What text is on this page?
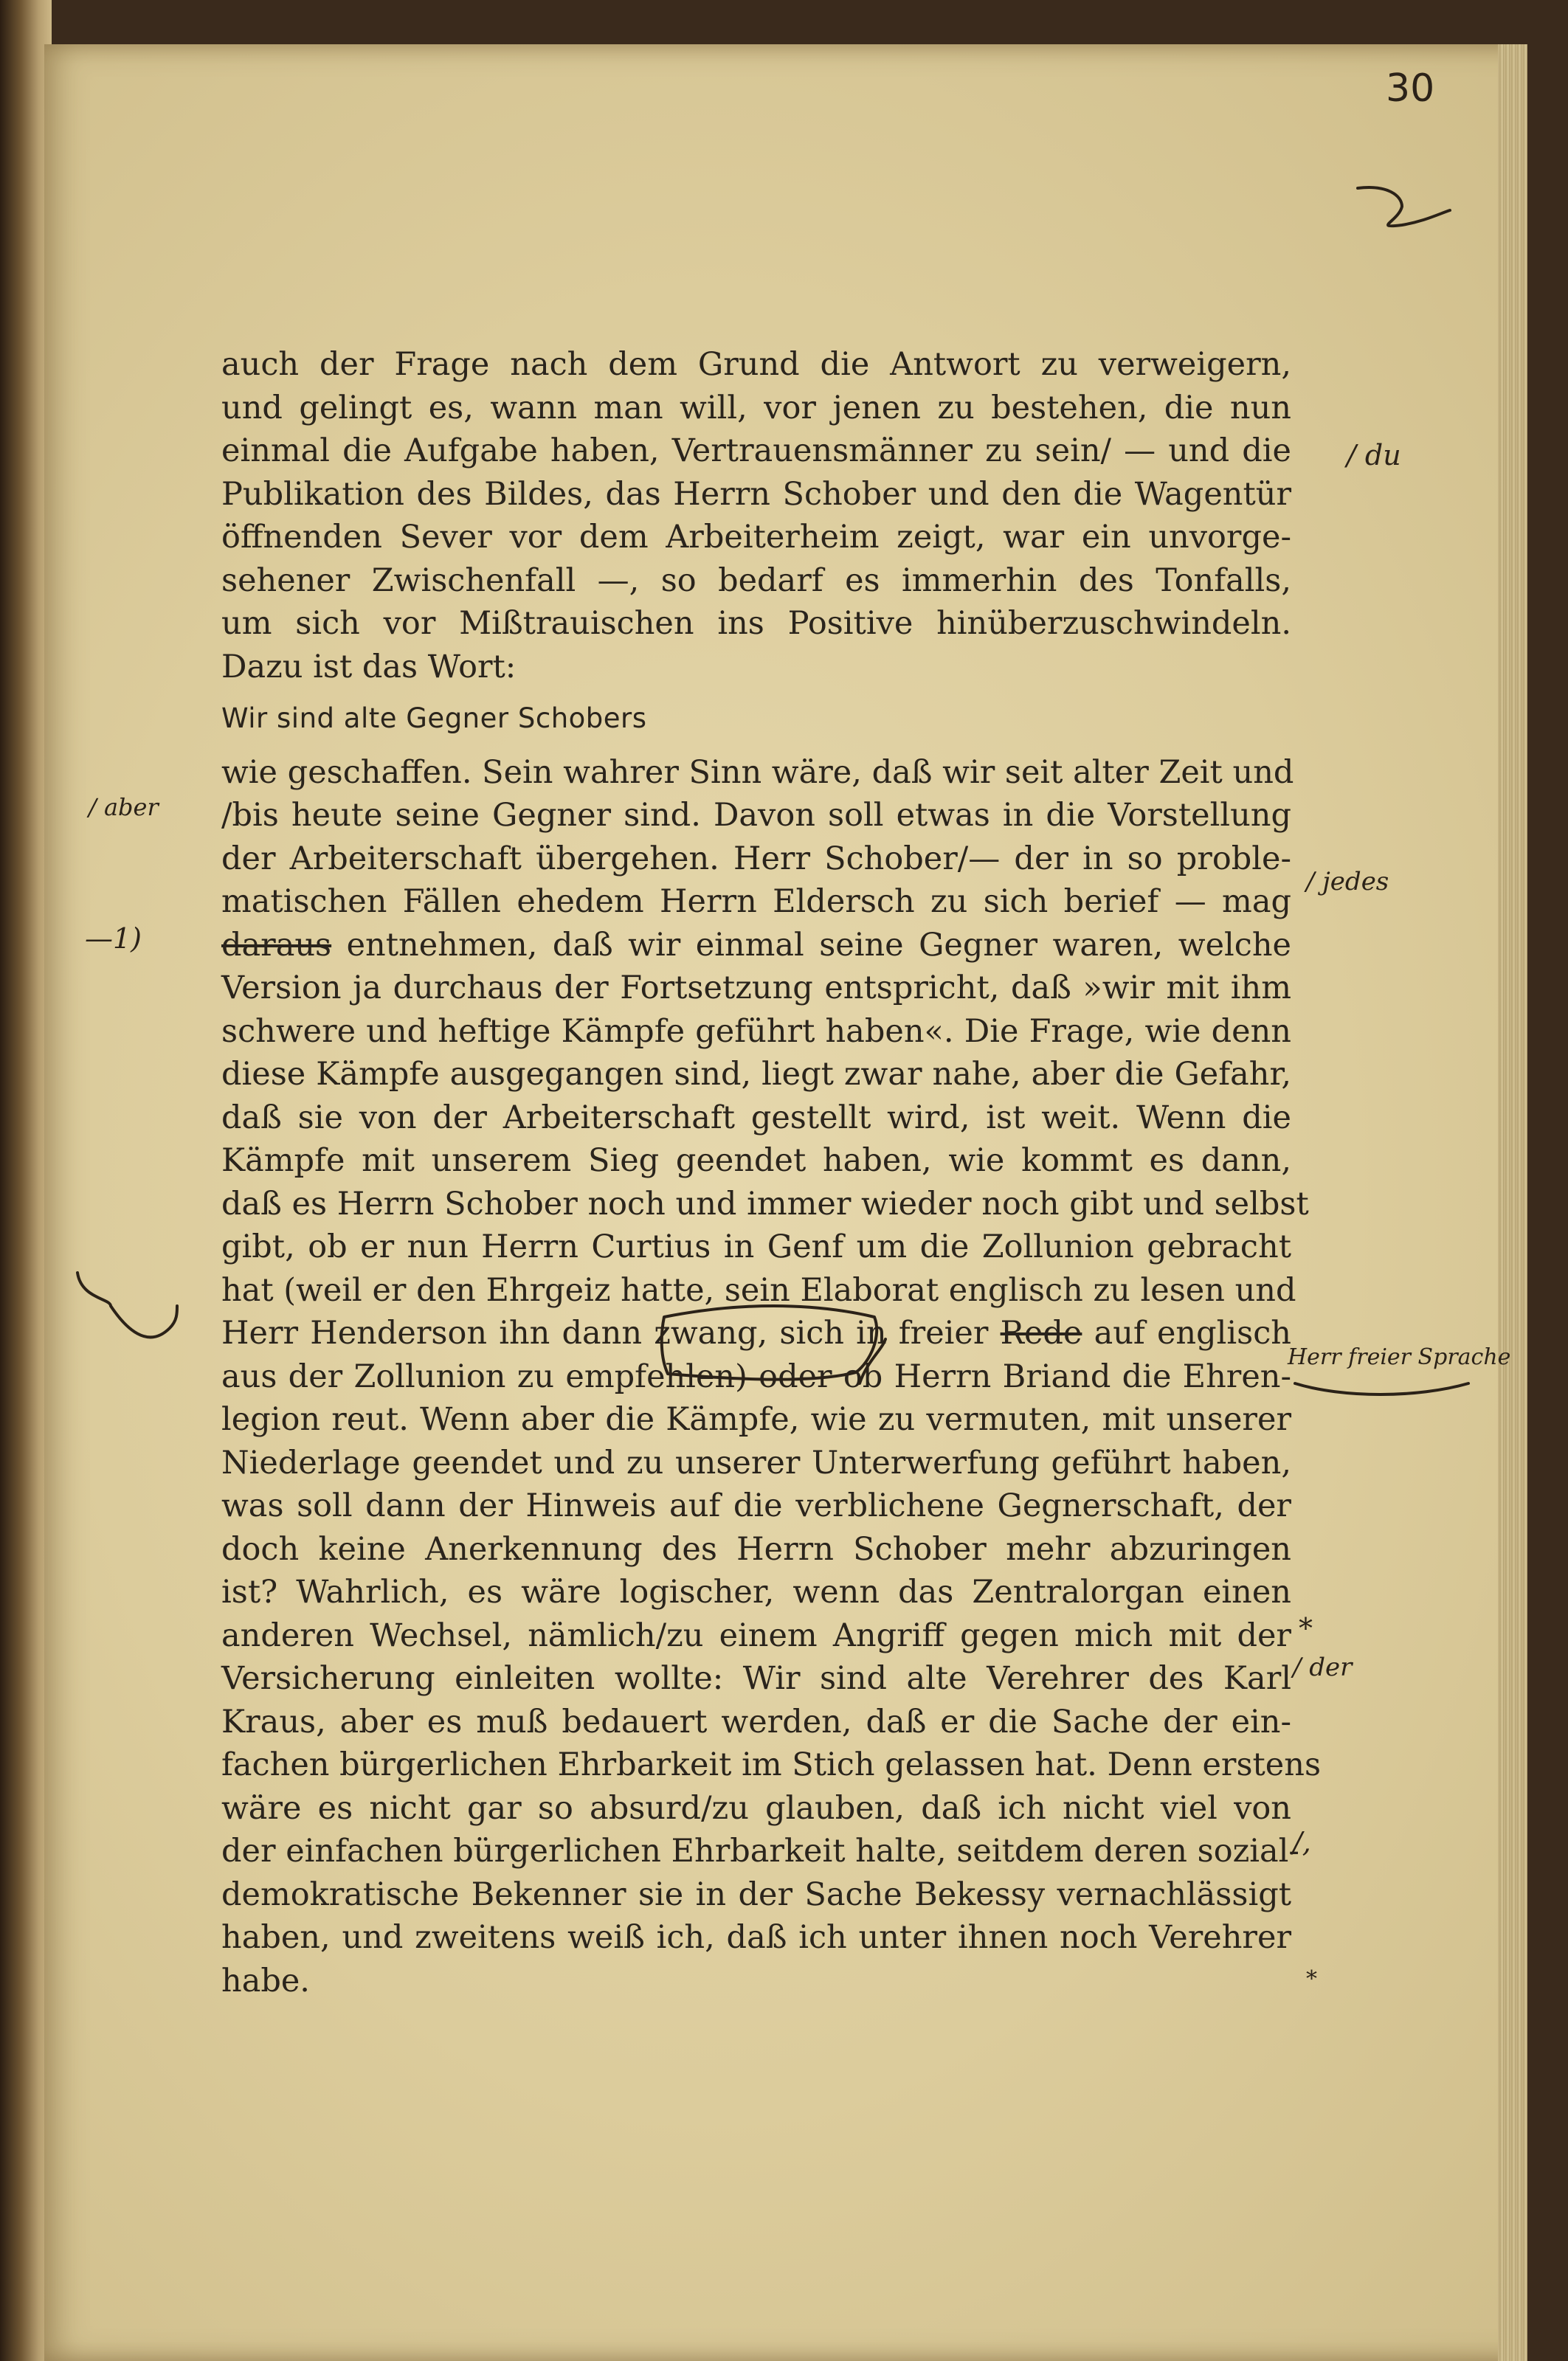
30
auch der Frage nach dem Grund die Antwort zu verweigern,
und gelingt es, wann man will, vor jenen zu bestehen, die nun
einmal die Aufgabe haben, Vertrauensmänner zu sein/ — und die
Publikation des Bildes, das Herrn Schober und den die Wagentür
öffnenden Sever vor dem Arbeiterheim zeigt, war ein unvorge-
sehener Zwischenfall —, so bedarf es immerhin des Tonfalls,
um sich vor Mißtrauischen ins Positive hinüberzuschwindeln.
Dazu ist das Wort:
Wir sind alte Gegner Schobers
wie geschaffen. Sein wahrer Sinn wäre, daß wir seit alter Zeit und
/bis heute seine Gegner sind. Davon soll etwas in die Vorstellung
der Arbeiterschaft übergehen. Herr Schober/— der in so proble-
matischen Fällen ehedem Herrn Eldersch zu sich berief — mag
daraus entnehmen, daß wir einmal seine Gegner waren, welche
Version ja durchaus der Fortsetzung entspricht, daß »wir mit ihm
schwere und heftige Kämpfe geführt haben«. Die Frage, wie denn
diese Kämpfe ausgegangen sind, liegt zwar nahe, aber die Gefahr,
daß sie von der Arbeiterschaft gestellt wird, ist weit. Wenn die
Kämpfe mit unserem Sieg geendet haben, wie kommt es dann,
daß es Herrn Schober noch und immer wieder noch gibt und selbst
gibt, ob er nun Herrn Curtius in Genf um die Zollunion gebracht
hat (weil er den Ehrgeiz hatte, sein Elaborat englisch zu lesen und
Herr Henderson ihn dann zwang, sich in freier Rede auf englisch
aus der Zollunion zu empfehlen) oder ob Herrn Briand die Ehren-
legion reut. Wenn aber die Kämpfe, wie zu vermuten, mit unserer
Niederlage geendet und zu unserer Unterwerfung geführt haben,
was soll dann der Hinweis auf die verblichene Gegnerschaft, der
doch keine Anerkennung des Herrn Schober mehr abzuringen
ist? Wahrlich, es wäre logischer, wenn das Zentralorgan einen
anderen Wechsel, nämlich/zu einem Angriff gegen mich mit der
Versicherung einleiten wollte: Wir sind alte Verehrer des Karl
Kraus, aber es muß bedauert werden, daß er die Sache der ein-
fachen bürgerlichen Ehrbarkeit im Stich gelassen hat. Denn erstens
wäre es nicht gar so absurd/zu glauben, daß ich nicht viel von
der einfachen bürgerlichen Ehrbarkeit halte, seitdem deren sozial-
demokratische Bekenner sie in der Sache Bekessy vernachlässigt
haben, und zweitens weiß ich, daß ich unter ihnen noch Verehrer
habe.
/ du
/ aber
—1)
/ jedes
Herr freier Sprache
*
/ der
/,
*
